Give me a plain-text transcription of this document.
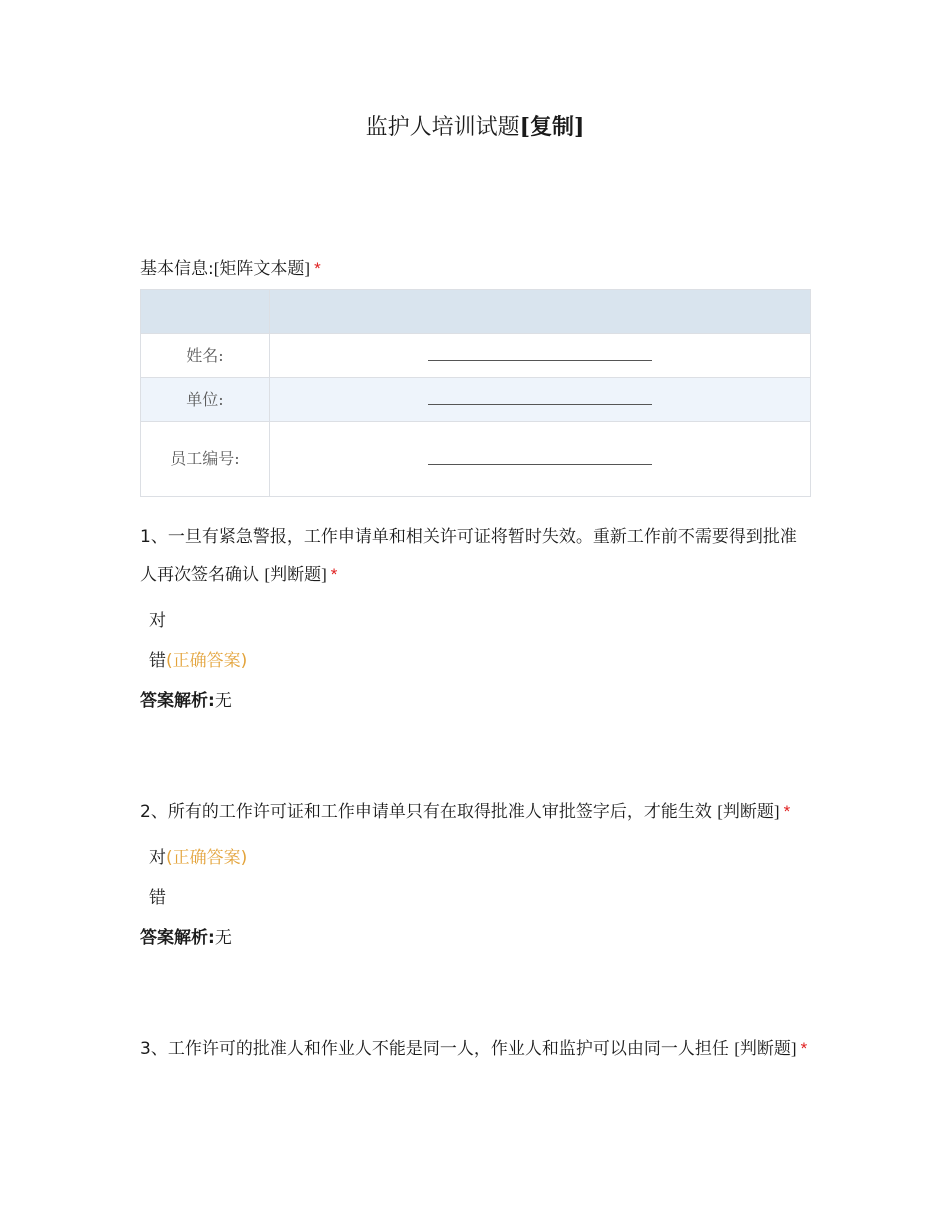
监护人培训试题[复制]
基本信息:[矩阵文本题] *

姓名:	
单位:	
员工编号:	
1、一旦有紧急警报，工作申请单和相关许可证将暂时失效。重新工作前不需要得到批准人再次签名确认 [判断题] *
对
错(正确答案)
答案解析:无
2、所有的工作许可证和工作申请单只有在取得批准人审批签字后，才能生效 [判断题] *
对(正确答案)
错
答案解析:无
3、工作许可的批准人和作业人不能是同一人，作业人和监护可以由同一人担任 [判断题] *
